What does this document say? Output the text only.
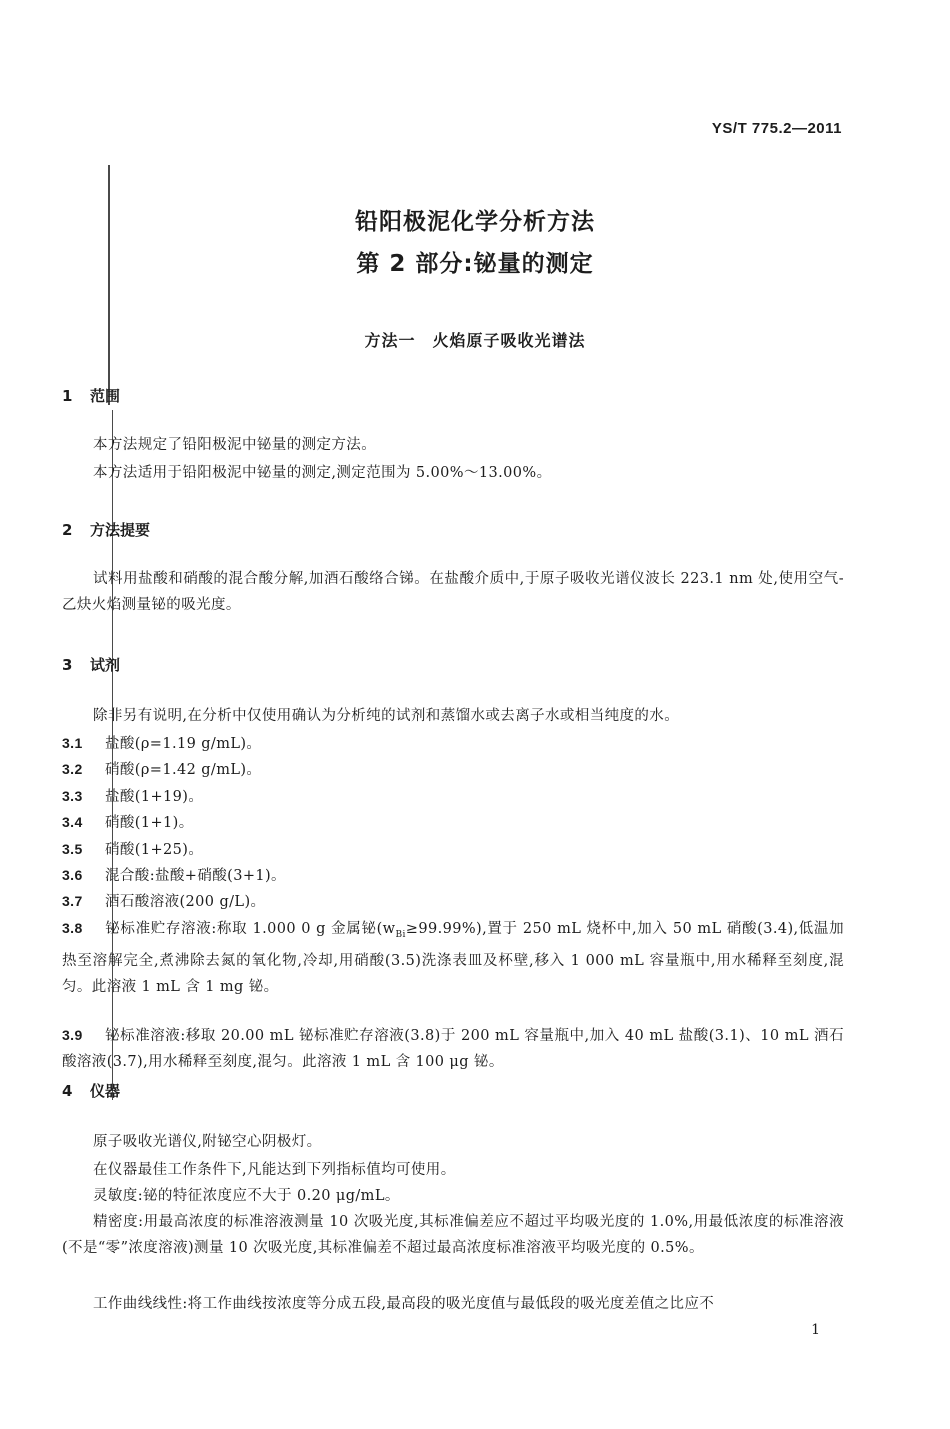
YS/T 775.2—2011
铅阳极泥化学分析方法
第 2 部分:铋量的测定
方法一　火焰原子吸收光谱法
1 范围
本方法规定了铅阳极泥中铋量的测定方法。
本方法适用于铅阳极泥中铋量的测定,测定范围为 5.00%～13.00%。
2 方法提要
试料用盐酸和硝酸的混合酸分解,加酒石酸络合锑。在盐酸介质中,于原子吸收光谱仪波长 223.1 nm 处,使用空气-乙炔火焰测量铋的吸光度。
3 试剂
除非另有说明,在分析中仅使用确认为分析纯的试剂和蒸馏水或去离子水或相当纯度的水。
3.1 盐酸(ρ=1.19 g/mL)。
3.2 硝酸(ρ=1.42 g/mL)。
3.3 盐酸(1+19)。
3.4 硝酸(1+1)。
3.5 硝酸(1+25)。
3.6 混合酸:盐酸+硝酸(3+1)。
3.7 酒石酸溶液(200 g/L)。
3.8 铋标准贮存溶液:称取 1.000 0 g 金属铋$(w_{Bi}\ge 99.99\%)$,置于 250 mL 烧杯中,加入 50 mL 硝酸(3.4),低温加热至溶解完全,煮沸除去氮的氧化物,冷却,用硝酸(3.5)洗涤表皿及杯壁,移入 1 000 mL 容量瓶中,用水稀释至刻度,混匀。此溶液 1 mL 含 1 mg 铋。
3.9 铋标准溶液:移取 20.00 mL 铋标准贮存溶液(3.8)于 200 mL 容量瓶中,加入 40 mL 盐酸(3.1)、10 mL 酒石酸溶液(3.7),用水稀释至刻度,混匀。此溶液 1 mL 含 100 μg 铋。
4 仪器
原子吸收光谱仪,附铋空心阴极灯。
在仪器最佳工作条件下,凡能达到下列指标值均可使用。
灵敏度:铋的特征浓度应不大于 0.20 μg/mL。
精密度:用最高浓度的标准溶液测量 10 次吸光度,其标准偏差应不超过平均吸光度的 1.0%,用最低浓度的标准溶液(不是“零”浓度溶液)测量 10 次吸光度,其标准偏差不超过最高浓度标准溶液平均吸光度的 0.5%。
工作曲线线性:将工作曲线按浓度等分成五段,最高段的吸光度值与最低段的吸光度差值之比应不
1
